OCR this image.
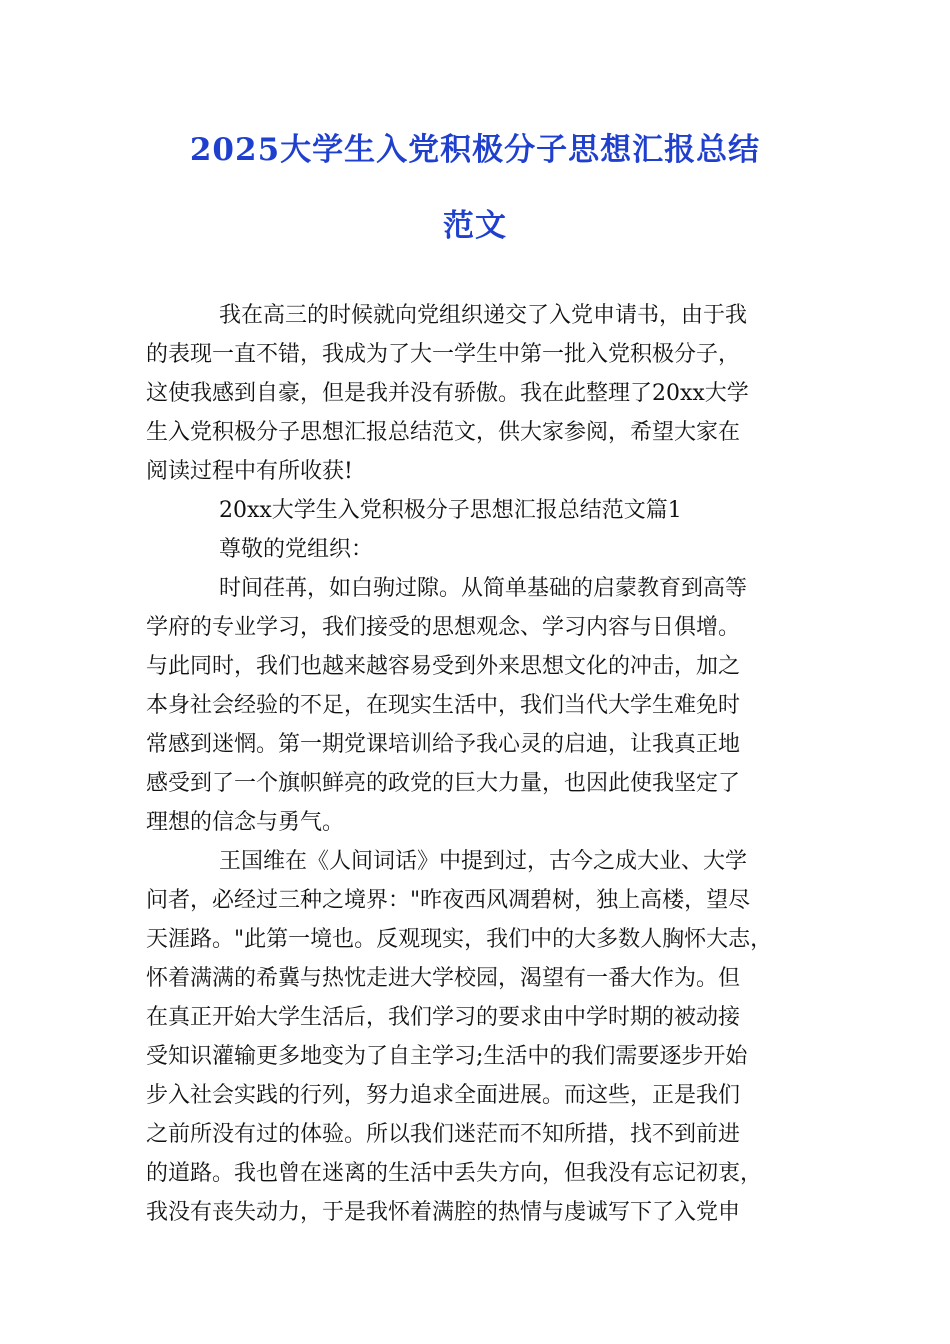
2025大学生入党积极分子思想汇报总结
范文
我在高三的时候就向党组织递交了入党申请书，由于我
的表现一直不错，我成为了大一学生中第一批入党积极分子，
这使我感到自豪，但是我并没有骄傲。我在此整理了20xx大学
生入党积极分子思想汇报总结范文，供大家参阅，希望大家在
阅读过程中有所收获!
20xx大学生入党积极分子思想汇报总结范文篇1
尊敬的党组织：
时间荏苒，如白驹过隙。从简单基础的启蒙教育到高等
学府的专业学习，我们接受的思想观念、学习内容与日俱增。
与此同时，我们也越来越容易受到外来思想文化的冲击，加之
本身社会经验的不足，在现实生活中，我们当代大学生难免时
常感到迷惘。第一期党课培训给予我心灵的启迪，让我真正地
感受到了一个旗帜鲜亮的政党的巨大力量，也因此使我坚定了
理想的信念与勇气。
王国维在《人间词话》中提到过，古今之成大业、大学
问者，必经过三种之境界："昨夜西风凋碧树，独上高楼，望尽
天涯路。"此第一境也。反观现实，我们中的大多数人胸怀大志，
怀着满满的希冀与热忱走进大学校园，渴望有一番大作为。但
在真正开始大学生活后，我们学习的要求由中学时期的被动接
受知识灌输更多地变为了自主学习;生活中的我们需要逐步开始
步入社会实践的行列，努力追求全面进展。而这些，正是我们
之前所没有过的体验。所以我们迷茫而不知所措，找不到前进
的道路。我也曾在迷离的生活中丢失方向，但我没有忘记初衷，
我没有丧失动力，于是我怀着满腔的热情与虔诚写下了入党申
